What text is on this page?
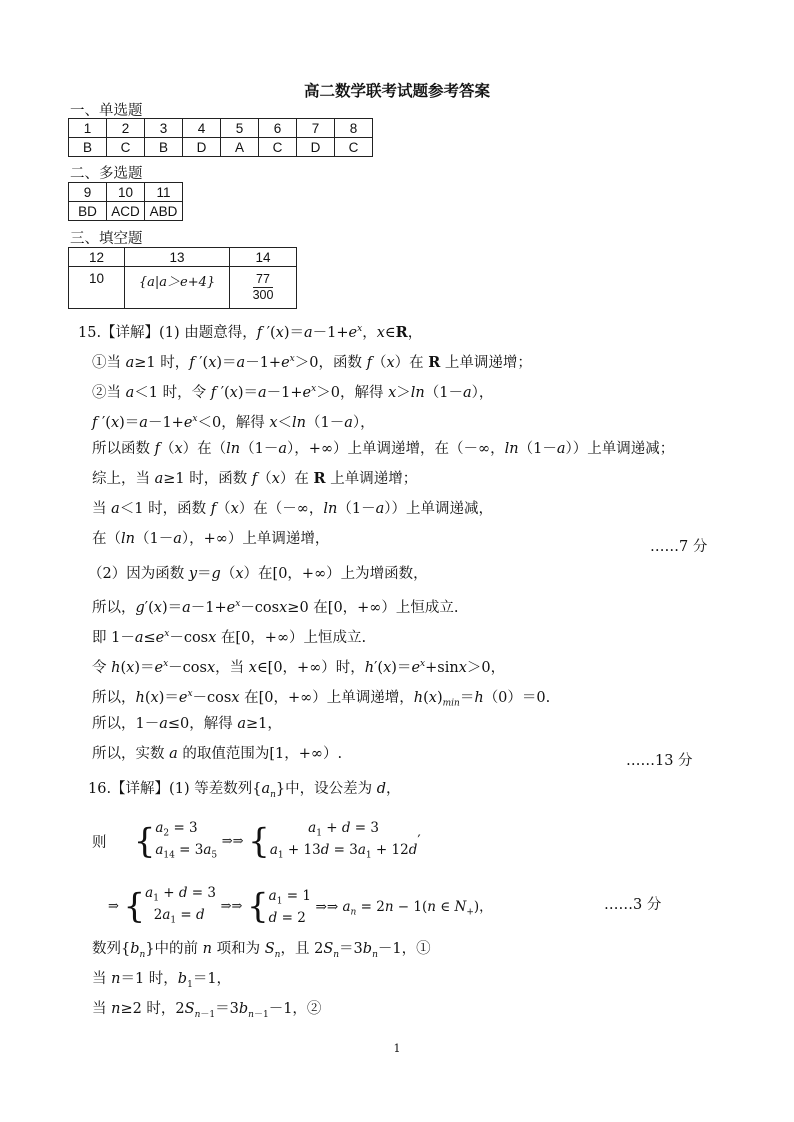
高二数学联考试题参考答案
一、单选题
1	2	3	4	5	6	7	8
B	C	B	D	A	C	D	C
二、多选题
9	10	11
BD	ACD	ABD
三、填空题
12	13	14
10	{a|a＞e+4}	$\frac{77}{300}$
15.【详解】(1) 由题意得，f $'(x)=a-1+e^x$，x∈R，
①当 a≥1 时，f $'(x)=a-1+e^x>0$，函数 f（x）在 R 上单调递增；
②当 a＜1 时，令 f $'(x)=a-1+e^x>0$，解得 x＞ln（1－a），
f $'(x)=a-1+e^x<0$，解得 x＜ln（1－a），
所以函数 f（x）在（ln（1－a），+∞）上单调递增，在（－∞，ln（1－a））上单调递减；
综上，当 a≥1 时，函数 f（x）在 R 上单调递增；
当 a＜1 时，函数 f（x）在（－∞，ln（1－a））上单调递减，
在（ln（1－a），+∞）上单调递增，	……7 分
（2）因为函数 y＝g（x）在[0，+∞）上为增函数，
所以，$g'(x)=a-1+e^x-\cos x\ge 0$ 在[0，+∞）上恒成立.
即 $1-a\le e^x-\cos x$ 在[0，+∞）上恒成立.
令 $h(x)=e^x-\cos x$，当 x∈[0，+∞）时，$h'(x)=e^x+\sin x>0$，
所以，$h(x)=e^x-\cos x$ 在[0，+∞）上单调递增，$h(x)_{min}=h(0)=0$.
所以，1－a≤0，解得 a≥1，
所以，实数 a 的取值范围为[1，+∞）.	……13 分
16.【详解】(1) 等差数列$\{a_n\}$中，设公差为 d，
则 {$a_2 = 3$
$a_{14} = 3a_5$ ⇒⇒ {	$a_1 + d = 3$
$a_1 + 13d = 3a_1 + 12d'$
⇒ {$a_1 + d = 3$
$2a_1 = d$ ⇒⇒ {$a_1 = 1$
d = 2 ⇒⇒ $a_n = 2n - 1(n$ ∈ $N_+$)，	……3 分
数列$\{b_n\}$中的前 n 项和为 $S_n$，且 $2S_n=3b_n-1$，①
当 n＝1 时，$b_1=1$，
当 n≥2 时，$2S_{n-1}=3b_{n-1}-1$，②
1
